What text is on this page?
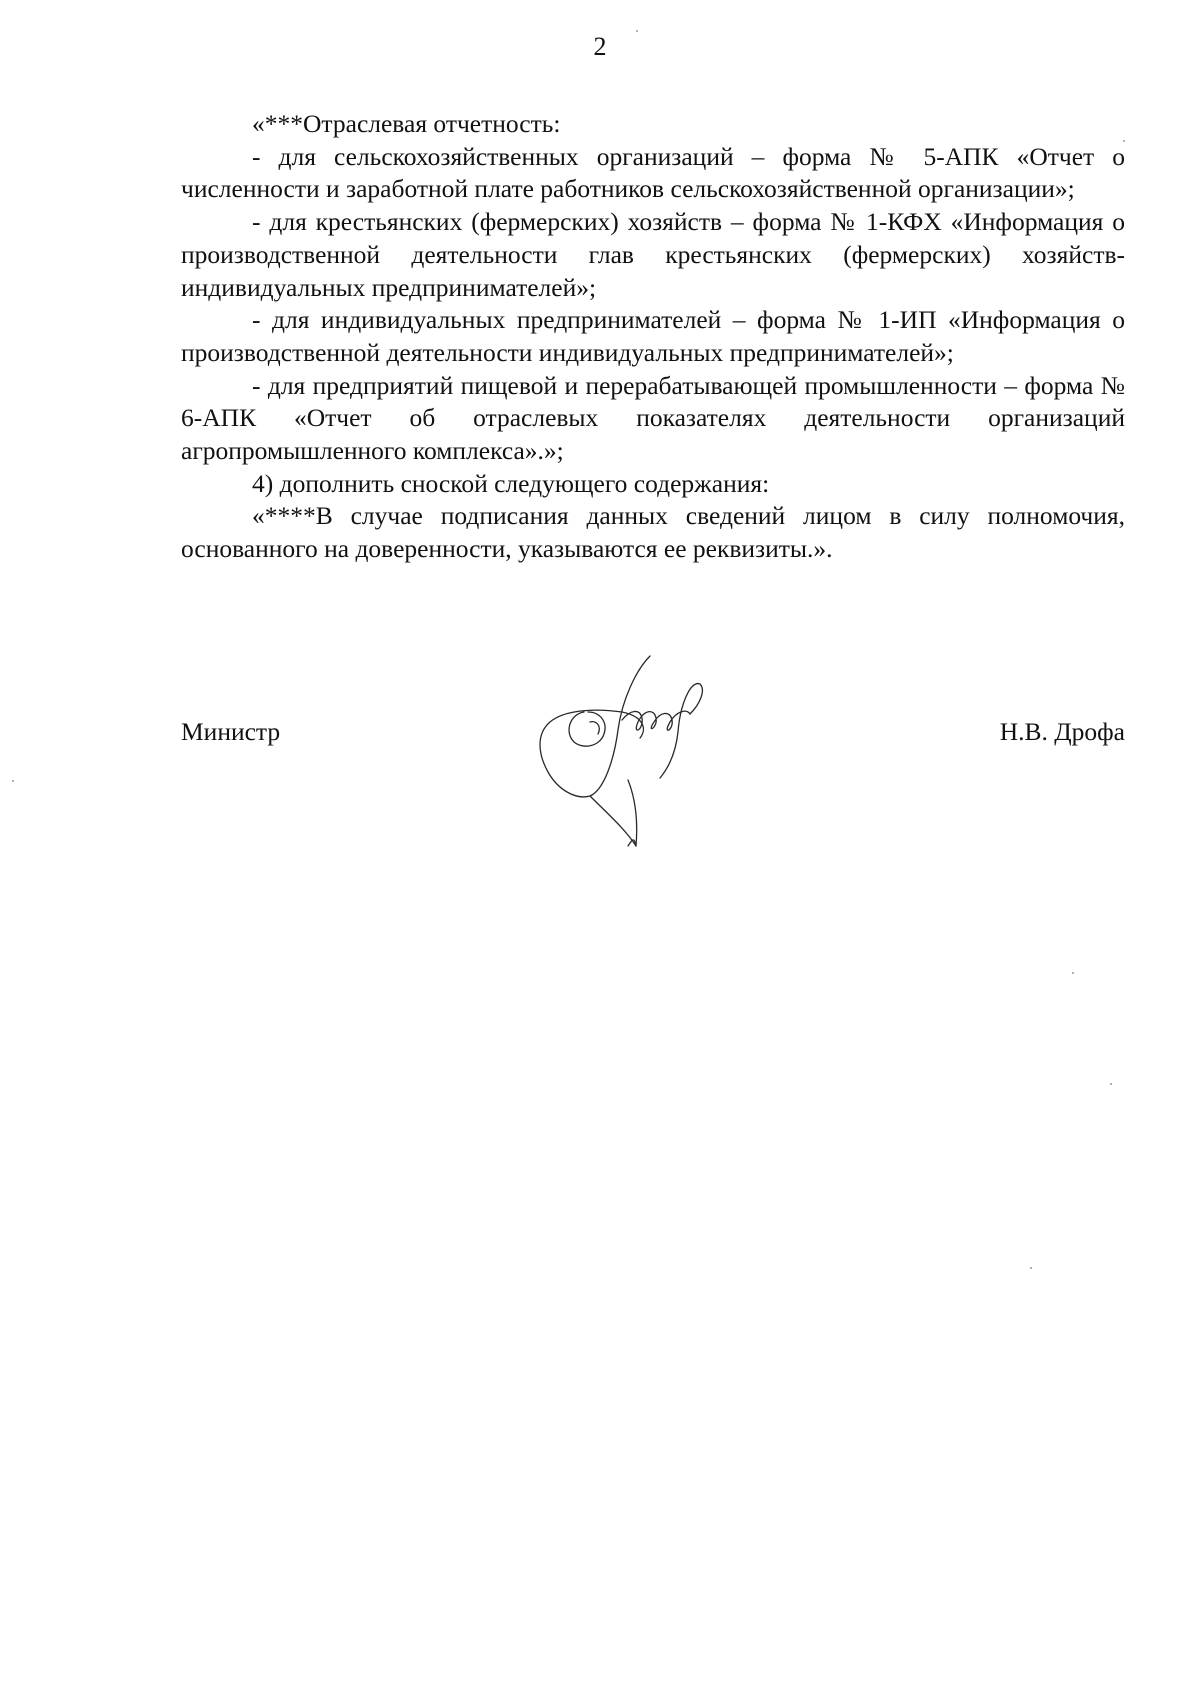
2

«***Отраслевая отчетность:

- для сельскохозяйственных организаций – форма № 5-АПК «Отчет о численности и заработной плате работников сельскохозяйственной организации»;

- для крестьянских (фермерских) хозяйств – форма № 1-КФХ «Информация о производственной деятельности глав крестьянских (фермерских) хозяйств-индивидуальных предпринимателей»;

- для индивидуальных предпринимателей – форма № 1-ИП «Информация о производственной деятельности индивидуальных предпринимателей»;

- для предприятий пищевой и перерабатывающей промышленности – форма № 6-АПК «Отчет об отраслевых показателях деятельности организаций агропромышленного комплекса».»;

4) дополнить сноской следующего содержания:

«****В случае подписания данных сведений лицом в силу полномочия, основанного на доверенности, указываются ее реквизиты.».

Министр	Н.В. Дрофа
